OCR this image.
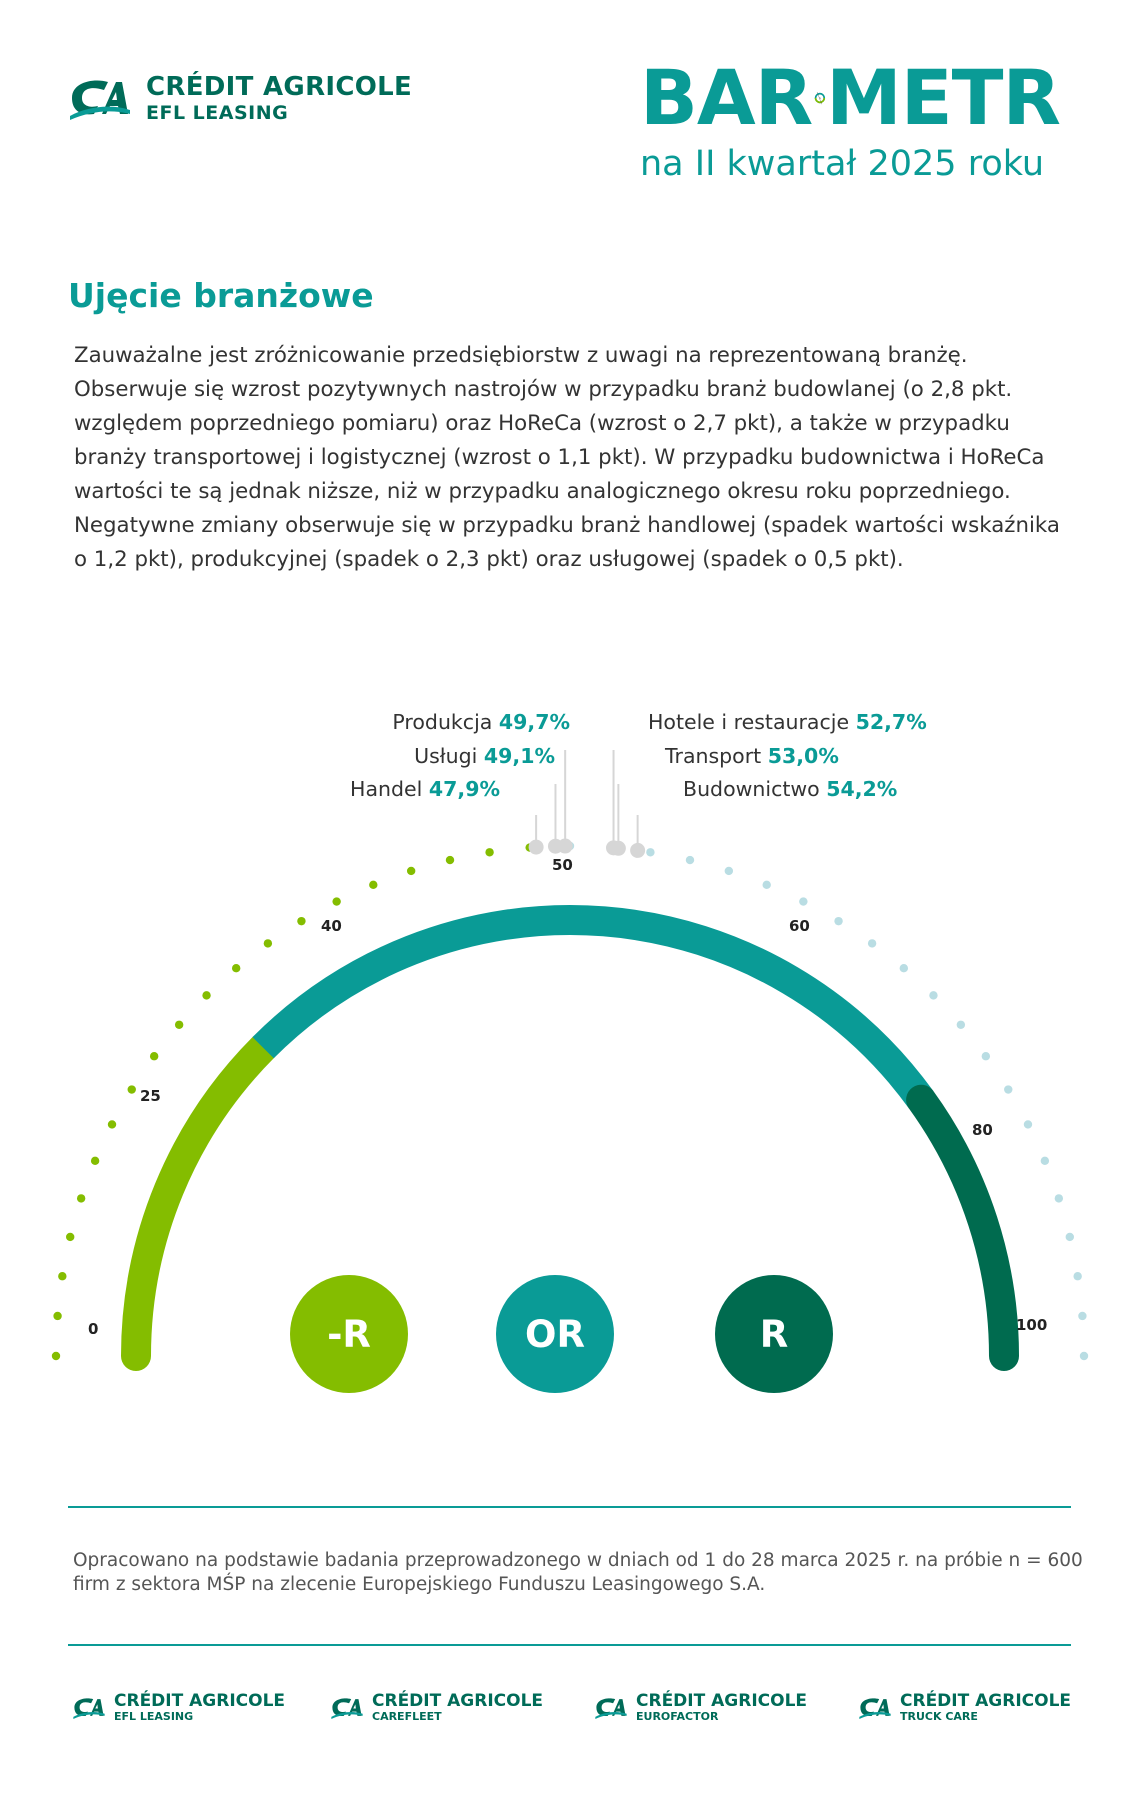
CRÉDIT AGRICOLE
EFL LEASING	BAR METR
na II kwartał 2025 roku
Ujęcie branżowe
Zauważalne jest zróżnicowanie przedsiębiorstw z uwagi na reprezentowaną branżę. Obserwuje się wzrost pozytywnych nastrojów w przypadku branż budowlanej (o 2,8 pkt. względem poprzedniego pomiaru) oraz HoReCa (wzrost o 2,7 pkt), a także w przypadku branży transportowej i logistycznej (wzrost o 1,1 pkt). W przypadku budownictwa i HoReCa wartości te są jednak niższe, niż w przypadku analogicznego okresu roku poprzedniego. Negatywne zmiany obserwuje się w przypadku branż handlowej (spadek wartości wskaźnika o 1,2 pkt), produkcyjnej (spadek o 2,3 pkt) oraz usługowej (spadek o 0,5 pkt).
Produkcja 49,7%
Usługi 49,1%
Handel 47,9%
Hotele i restauracje 52,7%
Transport 53,0%
Budownictwo 54,2%
0
25
40
50
60
80
100
-R	OR	R
Opracowano na podstawie badania przeprowadzonego w dniach od 1 do 28 marca 2025 r. na próbie n = 600 firm z sektora MŚP na zlecenie Europejskiego Funduszu Leasingowego S.A.
CRÉDIT AGRICOLE
EFL LEASING
CRÉDIT AGRICOLE
CAREFLEET
CRÉDIT AGRICOLE
EUROFACTOR
CRÉDIT AGRICOLE
TRUCK CARE
